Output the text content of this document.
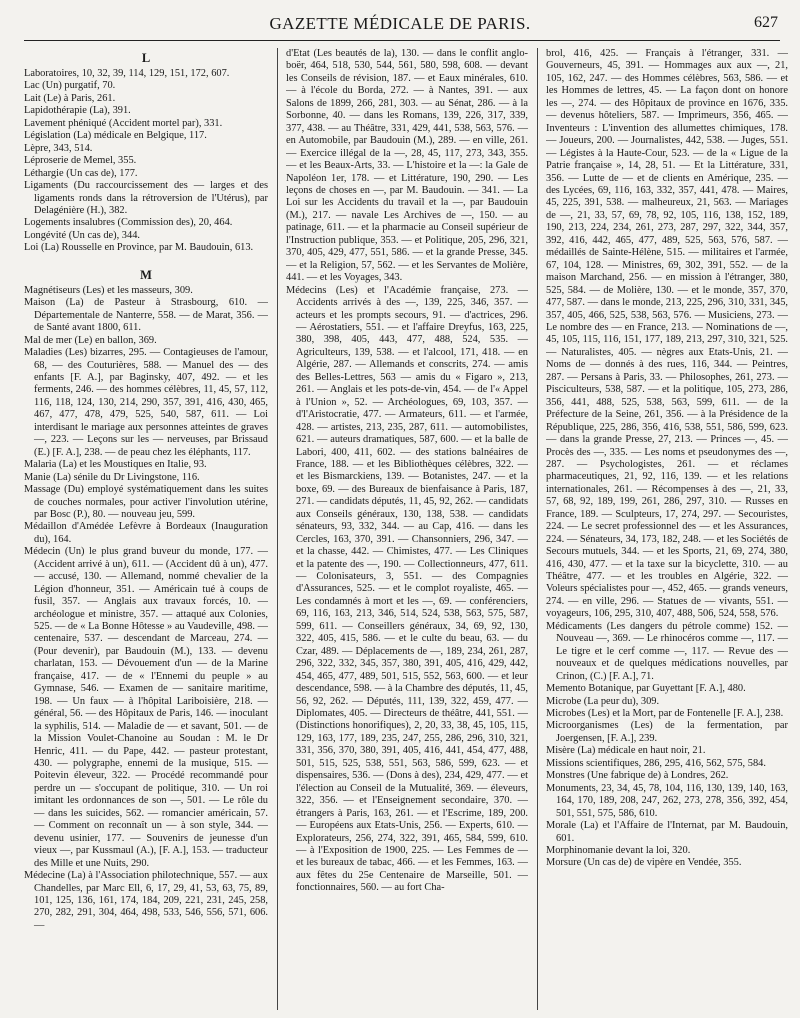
GAZETTE MÉDICALE DE PARIS.	627
L

Laboratoires, 10, 32, 39, 114, 129, 151, 172, 607.

Lac (Un) purgatif, 70.

Lait (Le) à Paris, 261.

Lapidothérapie (La), 391.

Lavement phéniqué (Accident mortel par), 331.

Législation (La) médicale en Belgique, 117.

Lèpre, 343, 514.

Léproserie de Memel, 355.

Léthargie (Un cas de), 177.

Ligaments (Du raccourcissement des — larges et des ligaments ronds dans la rétroversion de l'Utérus), par Delagénière (H.), 382.

Logements insalubres (Commission des), 20, 464.

Longévité (Un cas de), 344.

Loi (La) Rousselle en Province, par M. Baudouin, 613.

M

Magnétiseurs (Les) et les masseurs, 309.

Maison (La) de Pasteur à Strasbourg, 610. — Départementale de Nanterre, 558. — de Marat, 356. — de Santé avant 1800, 611.

Mal de mer (Le) en ballon, 369.

Maladies (Les) bizarres, 295. — Contagieuses de l'amour, 68, — des Couturières, 588. — Manuel des — des enfants [F. A.], par Baginsky, 407, 492. — et les ferments, 246. — des hommes célèbres, 11, 45, 57, 112, 116, 118, 124, 130, 214, 290, 357, 391, 416, 430, 465, 467, 477, 478, 479, 525, 540, 587, 611. — Loi interdisant le mariage aux personnes atteintes de graves —, 223. — Leçons sur les — nerveuses, par Brissaud (E.) [F. A.], 238. — de peau chez les éléphants, 117.

Malaria (La) et les Moustiques en Italie, 93.

Manie (La) sénile du Dr Livingstone, 116.

Massage (Du) employé systématiquement dans les suites de couches normales, pour activer l'involution utérine, par Bosc (P.), 80. — nouveau jeu, 599.

Médaillon d'Amédée Lefèvre à Bordeaux (Inauguration du), 164.

Médecin (Un) le plus grand buveur du monde, 177. — (Accident arrivé à un), 611. — (Accident dû à un), 477. — accusé, 130. — Allemand, nommé chevalier de la Légion d'honneur, 351. — Américain tué à coups de fusil, 357. — Anglais aux travaux forcés, 10. — archéologue et ministre, 357. — attaqué aux Colonies, 525. — de « La Bonne Hôtesse » au Vaudeville, 498. — centenaire, 537. — descendant de Marceau, 274. — (Pour devenir), par Baudouin (M.), 133. — devenu charlatan, 153. — Dévouement d'un — de la Marine française, 417. — de « l'Ennemi du peuple » au Gymnase, 546. — Examen de — sanitaire maritime, 198. — Un faux — à l'hôpital Lariboisière, 218. — général, 56. — des Hôpitaux de Paris, 146. — inoculant la syphilis, 514. — Maladie de — et savant, 501. — de la Mission Voulet-Chanoine au Soudan : M. le Dr Henric, 411. — du Pape, 442. — pasteur protestant, 430. — polygraphe, ennemi de la musique, 515. — Poitevin éleveur, 322. — Procédé recommandé pour perdre un — s'occupant de politique, 310. — Un roi imitant les ordonnances de son —, 501. — Le rôle du — dans les suicides, 562. — romancier américain, 57. — Comment on reconnaît un — à son style, 344. — devenu usinier, 177. — Souvenirs de jeunesse d'un vieux —, par Kussmaul (A.), [F. A.], 153. — traducteur des Mille et une Nuits, 290.

Médecine (La) à l'Association philotechnique, 557. — aux Chandelles, par Marc Ell, 6, 17, 29, 41, 53, 63, 75, 89, 101, 125, 136, 161, 174, 184, 209, 221, 231, 245, 258, 270, 282, 291, 304, 464, 498, 533, 546, 556, 571, 606. —

d'Etat (Les beautés de la), 130. — dans le conflit anglo-boër, 464, 518, 530, 544, 561, 580, 598, 608. — devant les Conseils de révision, 187. — et Eaux minérales, 610. — à l'école du Borda, 272. — à Nantes, 391. — aux Salons de 1899, 266, 281, 303. — au Sénat, 286. — à la Sorbonne, 40. — dans les Romans, 139, 226, 317, 339, 377, 438. — au Théâtre, 331, 429, 441, 538, 563, 576. — en Automobile, par Baudouin (M.), 289. — en ville, 261. — Exercice illégal de la —, 28, 45, 117, 273, 343, 355. — et les Beaux-Arts, 33. — L'histoire et la —: la Gale de Napoléon 1er, 178. — et Littérature, 190, 290. — Les leçons de choses en —, par M. Baudouin. — 341. — La Loi sur les Accidents du travail et la —, par Baudouin (M.), 217. — navale Les Archives de —, 150. — au patinage, 611. — et la pharmacie au Conseil supérieur de l'Instruction publique, 353. — et Politique, 205, 296, 321, 370, 405, 429, 477, 551, 586. — et la grande Presse, 345. — et la Religion, 57, 562. — et les Servantes de Molière, 441. — et les Voyages, 343.

Médecins (Les) et l'Académie française, 273. — Accidents arrivés à des —, 139, 225, 346, 357. — acteurs et les prompts secours, 91. — d'actrices, 296. — Aérostatiers, 551. — et l'affaire Dreyfus, 163, 225, 380, 398, 405, 443, 477, 488, 524, 535. — Agriculteurs, 139, 538. — et l'alcool, 171, 418. — en Algérie, 287. — Allemands et conscrits, 274. — amis des Belles-Lettres, 563 — amis du « Figaro », 213, 261. — Anglais et les pots-de-vin, 454. — de l'« Appel à l'Union », 52. — Archéologues, 69, 103, 357. — d'l'Aristocratie, 477. — Armateurs, 611. — et l'armée, 428. — artistes, 213, 235, 287, 611. — automobilistes, 621. — auteurs dramatiques, 587, 600. — et la balle de Labori, 400, 411, 602. — des stations balnéaires de France, 188. — et les Bibliothèques célèbres, 322. — et les Bismarckiens, 139. — Botanistes, 247. — et la boxe, 69. — des Bureaux de bienfaisance à Paris, 187, 271. — candidats députés, 11, 45, 92, 262. — candidats aux Conseils généraux, 130, 138, 538. — candidats sénateurs, 93, 332, 344. — au Cap, 416. — dans les Cercles, 163, 370, 391. — Chansonniers, 296, 347. — et la chasse, 442. — Chimistes, 477. — Les Cliniques et la patente des —, 190. — Collectionneurs, 477, 611. — Colonisateurs, 3, 551. — des Compagnies d'Assurances, 525. — et le complot royaliste, 465. — Les condamnés à mort et les —, 69. — conférenciers, 69, 116, 163, 213, 346, 514, 524, 538, 563, 575, 587, 599, 611. — Conseillers généraux, 34, 69, 92, 130, 322, 405, 415, 586. — et le culte du beau, 63. — du Czar, 489. — Déplacements de —, 189, 234, 261, 287, 296, 322, 332, 345, 357, 380, 391, 405, 416, 429, 442, 454, 465, 477, 489, 501, 515, 552, 563, 600. — et leur descendance, 598. — à la Chambre des députés, 11, 45, 56, 92, 262. — Députés, 111, 139, 322, 459, 477. — Diplomates, 405. — Directeurs de théâtre, 441, 551. — (Distinctions honorifiques), 2, 20, 33, 38, 45, 105, 115, 129, 163, 177, 189, 235, 247, 255, 286, 296, 310, 321, 331, 356, 370, 380, 391, 405, 416, 441, 454, 477, 488, 501, 515, 525, 538, 551, 563, 586, 599, 623. — et dispensaires, 536. — (Dons à des), 234, 429, 477. — et l'élection au Conseil de la Mutualité, 369. — éleveurs, 322, 356. — et l'Enseignement secondaire, 370. — étrangers à Paris, 163, 261. — et l'Escrime, 189, 200. — Européens aux Etats-Unis, 256. — Experts, 610. — Explorateurs, 256, 274, 322, 391, 465, 584, 599, 610. — à l'Exposition de 1900, 225. — Les Femmes de — et les bureaux de tabac, 466. — et les Femmes, 163. — aux fêtes du 25e Centenaire de Marseille, 501. — fonctionnaires, 560. — au fort Cha-

brol, 416, 425. — Français à l'étranger, 331. — Gouverneurs, 45, 391. — Hommages aux aux —, 21, 105, 162, 247. — des Hommes célèbres, 563, 586. — et les Hommes de lettres, 45. — La façon dont on honore les —, 274. — des Hôpitaux de province en 1676, 335. — devenus hôteliers, 587. — Imprimeurs, 356, 465. — Inventeurs : L'invention des allumettes chimiques, 178. — Joueurs, 200. — Journalistes, 442, 538. — Juges, 551. — Légistes à la Haute-Cour, 523. — de la « Ligue de la Patrie française », 14, 28, 51. — Et la Littérature, 331, 356. — Lutte de — et de clients en Amérique, 235. — des Lycées, 69, 116, 163, 332, 357, 441, 478. — Maires, 45, 225, 391, 538. — malheureux, 21, 563. — Mariages de —, 21, 33, 57, 69, 78, 92, 105, 116, 138, 152, 189, 190, 213, 224, 234, 261, 273, 287, 297, 322, 344, 357, 392, 416, 442, 465, 477, 489, 525, 563, 576, 587. — médaillés de Sainte-Hélène, 515. — militaires et l'armée, 67, 104, 128. — Ministres, 69, 302, 391, 552. — de la maison Marchand, 256. — en mission à l'étranger, 380, 525, 584. — de Molière, 130. — et le monde, 357, 370, 477, 587. — dans le monde, 213, 225, 296, 310, 331, 345, 357, 405, 466, 525, 538, 563, 576. — Musiciens, 273. — Le nombre des — en France, 213. — Nominations de —, 45, 105, 115, 116, 151, 177, 189, 213, 297, 310, 321, 525. — Naturalistes, 405. — nègres aux Etats-Unis, 21. — Noms de — donnés à des rues, 116, 344. — Peintres, 287. — Persans à Paris, 33. — Philosophes, 261, 273. — Pisciculteurs, 538, 587. — et la politique, 105, 273, 286, 356, 441, 488, 525, 538, 563, 599, 611. — de la Préfecture de la Seine, 261, 356. — à la Présidence de la République, 225, 286, 356, 416, 538, 551, 586, 599, 623. — dans la grande Presse, 27, 213. — Princes —, 45. — Procès des —, 335. — Les noms et pseudonymes des —, 287. — Psychologistes, 261. — et réclames pharmaceutiques, 21, 92, 116, 139. — et les relations internationales, 261. — Récompenses à des —, 21, 33, 57, 68, 92, 189, 199, 261, 286, 297, 310. — Russes en France, 189. — Sculpteurs, 17, 274, 297. — Secouristes, 224. — Le secret professionnel des — et les Assurances, 224. — Sénateurs, 34, 173, 182, 248. — et les Sociétés de Secours mutuels, 344. — et les Sports, 21, 69, 274, 380, 416, 430, 477. — et la taxe sur la bicyclette, 310. — au Théâtre, 477. — et les troubles en Algérie, 322. — Voleurs spécialistes pour —, 452, 465. — grands veneurs, 274. — en ville, 296. — Statues de — vivants, 551. — voyageurs, 106, 295, 310, 407, 488, 506, 524, 558, 576.

Médicaments (Les dangers du pétrole comme) 152. — Nouveau —, 369. — Le rhinocéros comme —, 117. — Le tigre et le cerf comme —, 117. — Revue des — nouveaux et de quelques médications nouvelles, par Crinon, (C.) [F. A.], 71.

Memento Botanique, par Guyettant [F. A.], 480.

Microbe (La peur du), 309.

Microbes (Les) et la Mort, par de Fontenelle [F. A.], 238.

Microorganismes (Les) de la fermentation, par Joergensen, [F. A.], 239.

Misère (La) médicale en haut noir, 21.

Missions scientifiques, 286, 295, 416, 562, 575, 584.

Monstres (Une fabrique de) à Londres, 262.

Monuments, 23, 34, 45, 78, 104, 116, 130, 139, 140, 163, 164, 170, 189, 208, 247, 262, 273, 278, 356, 392, 454, 501, 551, 575, 586, 610.

Morale (La) et l'Affaire de l'Internat, par M. Baudouin, 601.

Morphinomanie devant la loi, 320.

Morsure (Un cas de) de vipère en Vendée, 355.
